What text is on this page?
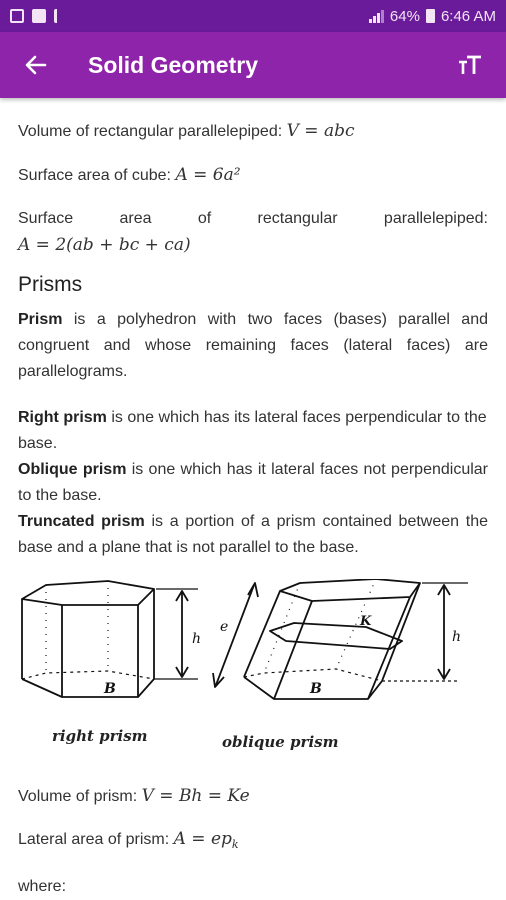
64% 6:46 AM
Solid Geometry

Volume of rectangular parallelepiped: V = abc

Surface area of cube: A = 6a²

Surface area of rectangular parallelepiped:

A = 2(ab + bc + ca)

Prisms

Prism is a polyhedron with two faces (bases) parallel and congruent and whose remaining faces (lateral faces) are parallelograms.

Right prism is one which has its lateral faces perpendicular to the base.

Oblique prism is one which has it lateral faces not perpendicular to the base.

Truncated prism is a portion of a prism contained between the base and a plane that is not parallel to the base.

h
B
e	K
h
B
right prism	oblique prism

Volume of prism: V = Bh = Ke

Lateral area of prism: $A = ep_k$

where:
